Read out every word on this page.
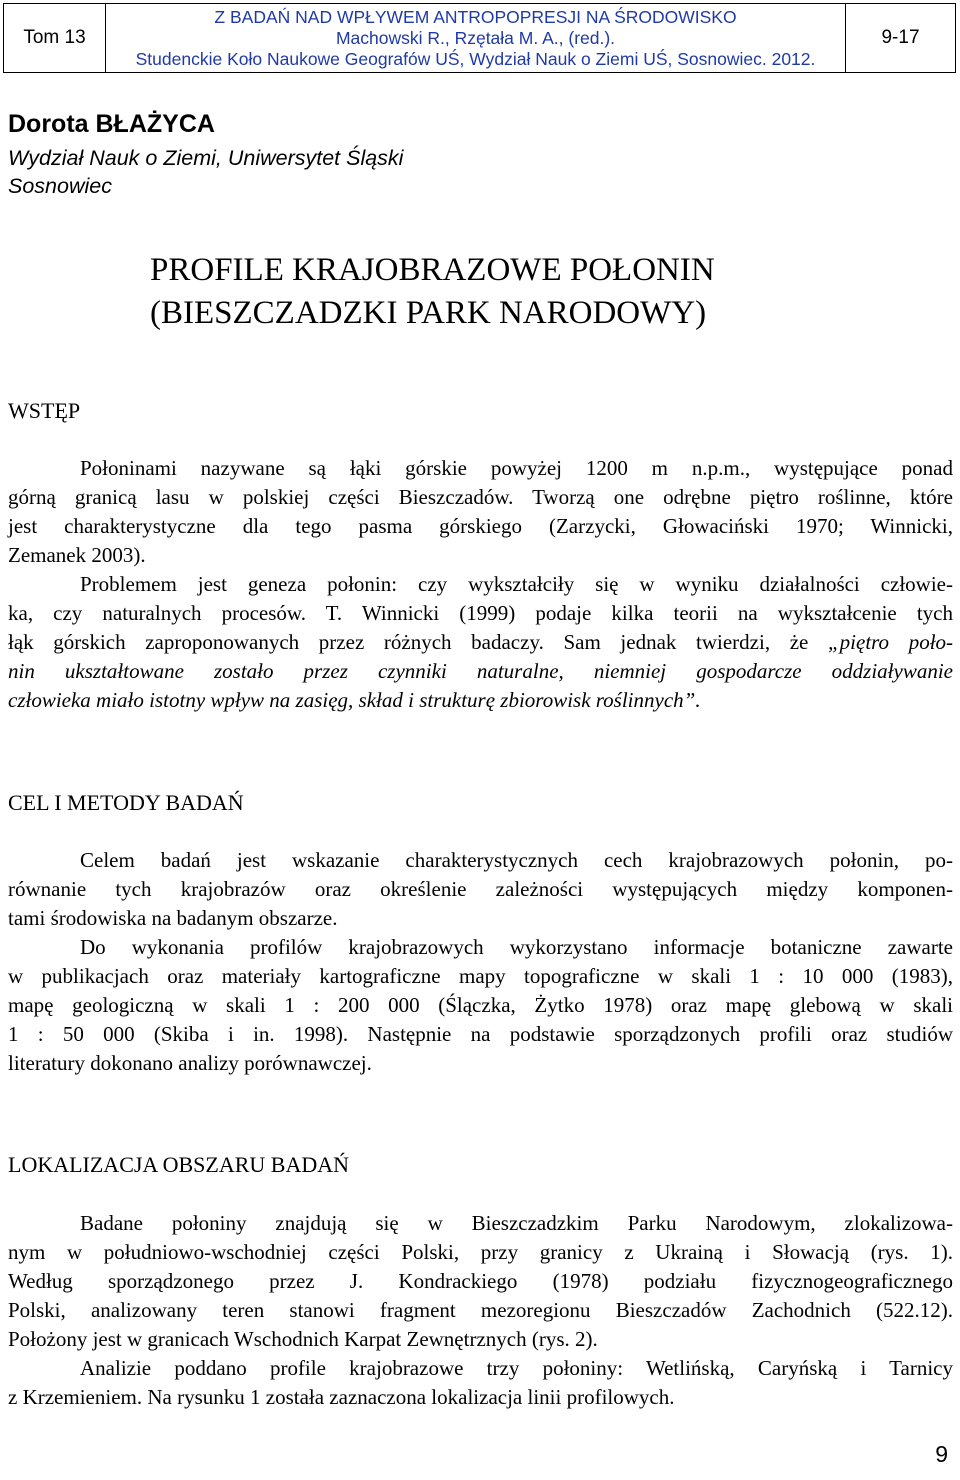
Tom 13	
Z BADAŃ NAD WPŁYWEM ANTROPOPRESJI NA ŚRODOWISKO
Machowski R., Rzętała M. A., (red.).
Studenckie Koło Naukowe Geografów UŚ, Wydział Nauk o Ziemi UŚ, Sosnowiec. 2012.
	9-17
Dorota BŁAŻYCA
Wydział Nauk o Ziemi, Uniwersytet Śląski
Sosnowiec
PROFILE KRAJOBRAZOWE POŁONIN
(BIESZCZADZKI PARK NARODOWY)
WSTĘP
Połoninami nazywane są łąki górskie powyżej 1200 m n.p.m., występujące ponad
górną granicą lasu w polskiej części Bieszczadów. Tworzą one odrębne piętro roślinne, które
jest charakterystyczne dla tego pasma górskiego (Zarzycki, Głowaciński 1970; Winnicki,
Zemanek 2003).
Problemem jest geneza połonin: czy wykształciły się w wyniku działalności człowie-
ka, czy naturalnych procesów. T. Winnicki (1999) podaje kilka teorii na wykształcenie tych
łąk górskich zaproponowanych przez różnych badaczy. Sam jednak twierdzi, że „piętro poło-
nin ukształtowane zostało przez czynniki naturalne, niemniej gospodarcze oddziaływanie
człowieka miało istotny wpływ na zasięg, skład i strukturę zbiorowisk roślinnych”.
CEL I METODY BADAŃ
Celem badań jest wskazanie charakterystycznych cech krajobrazowych połonin, po-
równanie tych krajobrazów oraz określenie zależności występujących między komponen-
tami środowiska na badanym obszarze.
Do wykonania profilów krajobrazowych wykorzystano informacje botaniczne zawarte
w publikacjach oraz materiały kartograficzne mapy topograficzne w skali 1 : 10 000 (1983),
mapę geologiczną w skali 1 : 200 000 (Ślączka, Żytko 1978) oraz mapę glebową w skali
1 : 50 000 (Skiba i in. 1998). Następnie na podstawie sporządzonych profili oraz studiów
literatury dokonano analizy porównawczej.
LOKALIZACJA OBSZARU BADAŃ
Badane połoniny znajdują się w Bieszczadzkim Parku Narodowym, zlokalizowa-
nym w południowo-wschodniej części Polski, przy granicy z Ukrainą i Słowacją (rys. 1).
Według sporządzonego przez J. Kondrackiego (1978) podziału fizycznogeograficznego
Polski, analizowany teren stanowi fragment mezoregionu Bieszczadów Zachodnich (522.12).
Położony jest w granicach Wschodnich Karpat Zewnętrznych (rys. 2).
Analizie poddano profile krajobrazowe trzy połoniny: Wetlińską, Caryńską i Tarnicy
z Krzemieniem. Na rysunku 1 została zaznaczona lokalizacja linii profilowych.
9
